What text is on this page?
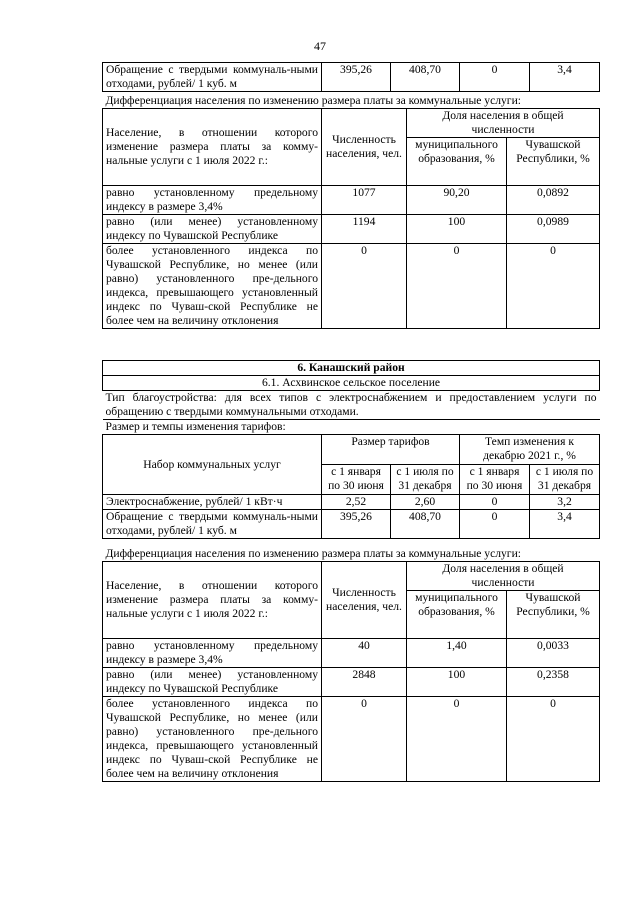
47
Обращение с твердыми коммуналь-ными отходами, рублей/ 1 куб. м	395,26	408,70	0	3,4
Дифференциация населения по изменению размера платы за коммунальные услуги:			
Население, в отношении которого изменение размера платы за комму-нальные услуги с 1 июля 2022 г.:	Численность населения, чел.	Доля населения в общей численности	
		муниципального образования, %	Чувашской Республики, %
равно установленному предельному индексу в размере 3,4%	1077	90,20	0,0892
равно (или менее) установленному индексу по Чувашской Республике	1194	100	0,0989
более установленного индекса по Чувашской Республике, но менее (или равно) установленного пре-дельного индекса, превышающего установленный индекс по Чуваш-ской Республике не более чем на величину отклонения	0	0	0
6. Канашский район				
6.1. Асхвинское сельское поселение				
Тип благоустройства: для всех типов с электроснабжением и предоставлением услуги по обращению с твердыми коммунальными отходами.				
Размер и темпы изменения тарифов:				
Набор коммунальных услуг	Размер тарифов		Темп изменения к декабрю 2021 г., %	
	с 1 января по 30 июня	с 1 июля по 31 декабря	с 1 января по 30 июня	с 1 июля по 31 декабря
Электроснабжение, рублей/ 1 кВт·ч	2,52	2,60	0	3,2
Обращение с твердыми коммуналь-ными отходами, рублей/ 1 куб. м	395,26	408,70	0	3,4
Дифференциация населения по изменению размера платы за коммунальные услуги:			
Население, в отношении которого изменение размера платы за комму-нальные услуги с 1 июля 2022 г.:	Численность населения, чел.	Доля населения в общей численности	
		муниципального образования, %	Чувашской Республики, %
равно установленному предельному индексу в размере 3,4%	40	1,40	0,0033
равно (или менее) установленному индексу по Чувашской Республике	2848	100	0,2358
более установленного индекса по Чувашской Республике, но менее (или равно) установленного пре-дельного индекса, превышающего установленный индекс по Чуваш-ской Республике не более чем на величину отклонения	0	0	0
